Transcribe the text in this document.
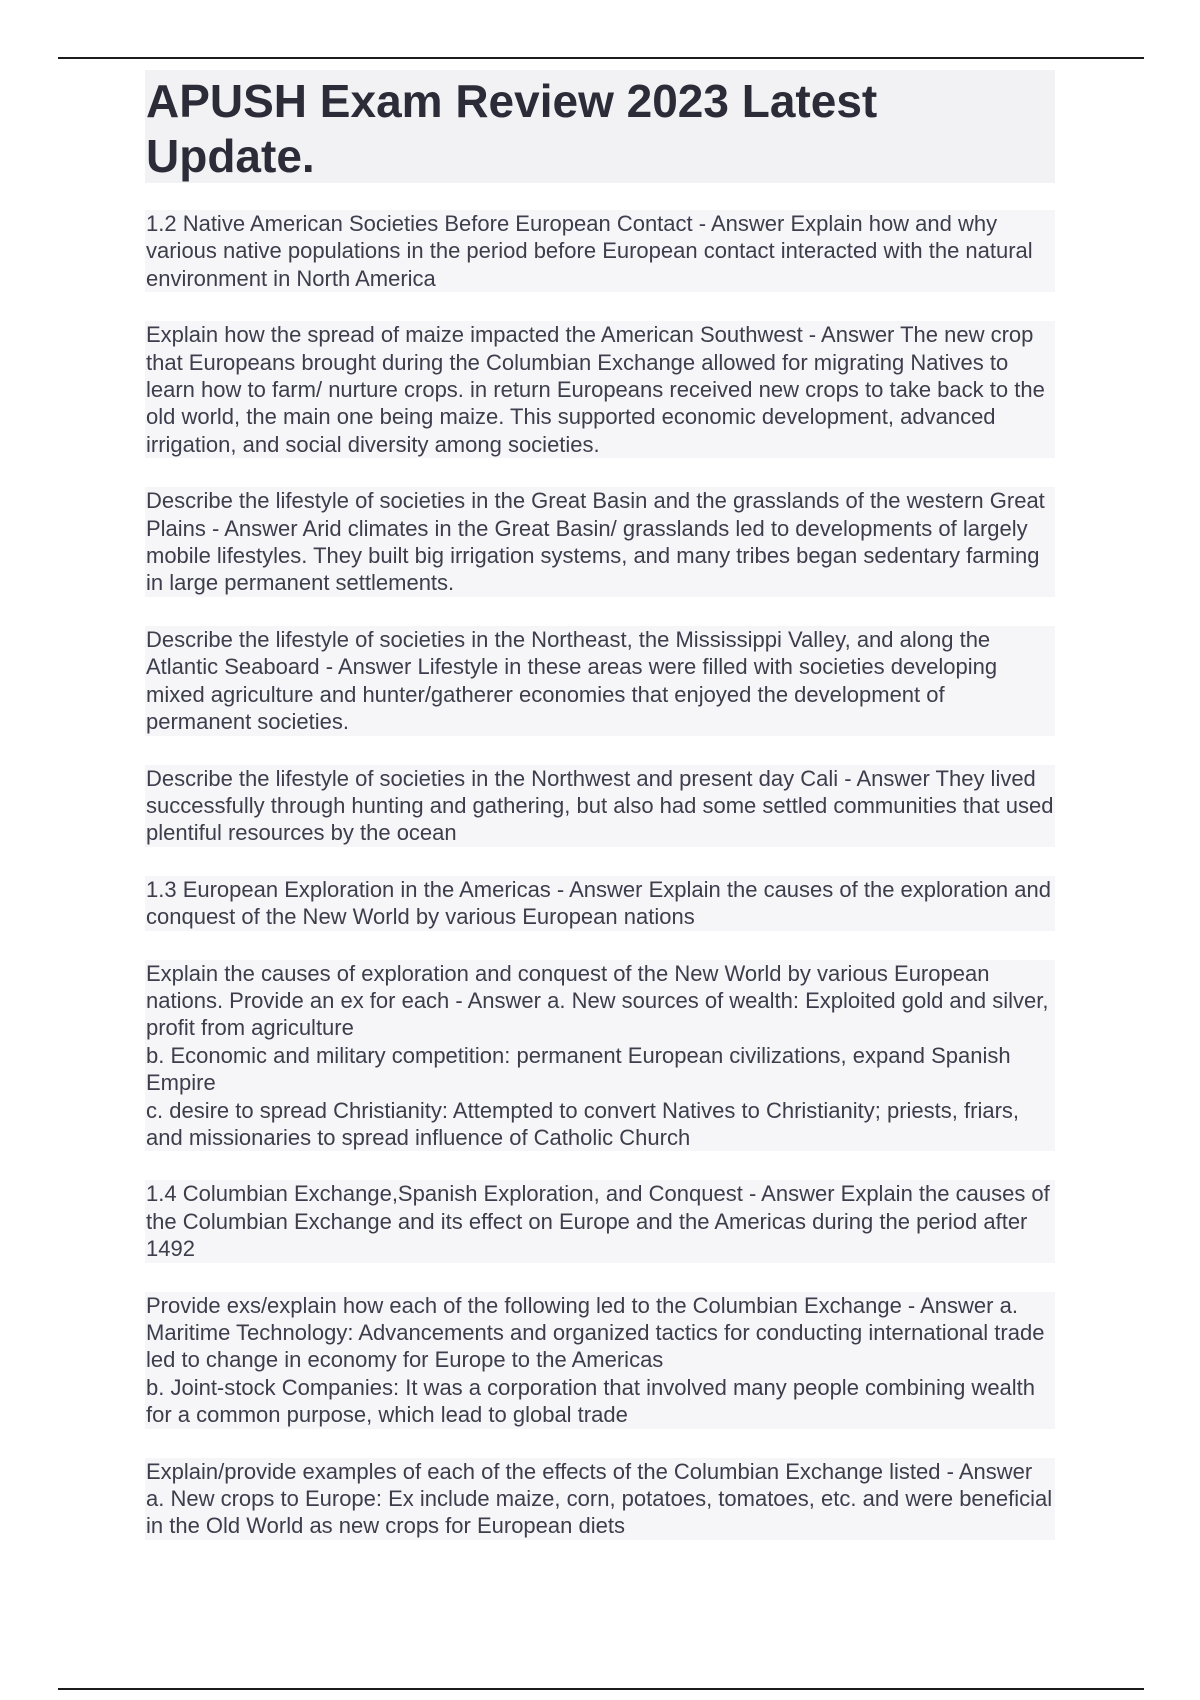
APUSH Exam Review 2023 Latest Update.

1.2 Native American Societies Before European Contact - Answer Explain how and why various native populations in the period before European contact interacted with the natural environment in North America

Explain how the spread of maize impacted the American Southwest - Answer The new crop that Europeans brought during the Columbian Exchange allowed for migrating Natives to learn how to farm/ nurture crops. in return Europeans received new crops to take back to the old world, the main one being maize. This supported economic development, advanced irrigation, and social diversity among societies.

Describe the lifestyle of societies in the Great Basin and the grasslands of the western Great Plains - Answer Arid climates in the Great Basin/ grasslands led to developments of largely mobile lifestyles. They built big irrigation systems, and many tribes began sedentary farming in large permanent settlements.

Describe the lifestyle of societies in the Northeast, the Mississippi Valley, and along the Atlantic Seaboard - Answer Lifestyle in these areas were filled with societies developing mixed agriculture and hunter/gatherer economies that enjoyed the development of permanent societies.

Describe the lifestyle of societies in the Northwest and present day Cali - Answer They lived successfully through hunting and gathering, but also had some settled communities that used plentiful resources by the ocean

1.3 European Exploration in the Americas - Answer Explain the causes of the exploration and conquest of the New World by various European nations

Explain the causes of exploration and conquest of the New World by various European nations. Provide an ex for each - Answer a. New sources of wealth: Exploited gold and silver, profit from agriculture
b. Economic and military competition: permanent European civilizations, expand Spanish Empire
c. desire to spread Christianity: Attempted to convert Natives to Christianity; priests, friars, and missionaries to spread influence of Catholic Church

1.4 Columbian Exchange,Spanish Exploration, and Conquest - Answer Explain the causes of the Columbian Exchange and its effect on Europe and the Americas during the period after 1492

Provide exs/explain how each of the following led to the Columbian Exchange - Answer a. Maritime Technology: Advancements and organized tactics for conducting international trade led to change in economy for Europe to the Americas
b. Joint-stock Companies: It was a corporation that involved many people combining wealth for a common purpose, which lead to global trade

Explain/provide examples of each of the effects of the Columbian Exchange listed - Answer a. New crops to Europe: Ex include maize, corn, potatoes, tomatoes, etc. and were beneficial in the Old World as new crops for European diets
